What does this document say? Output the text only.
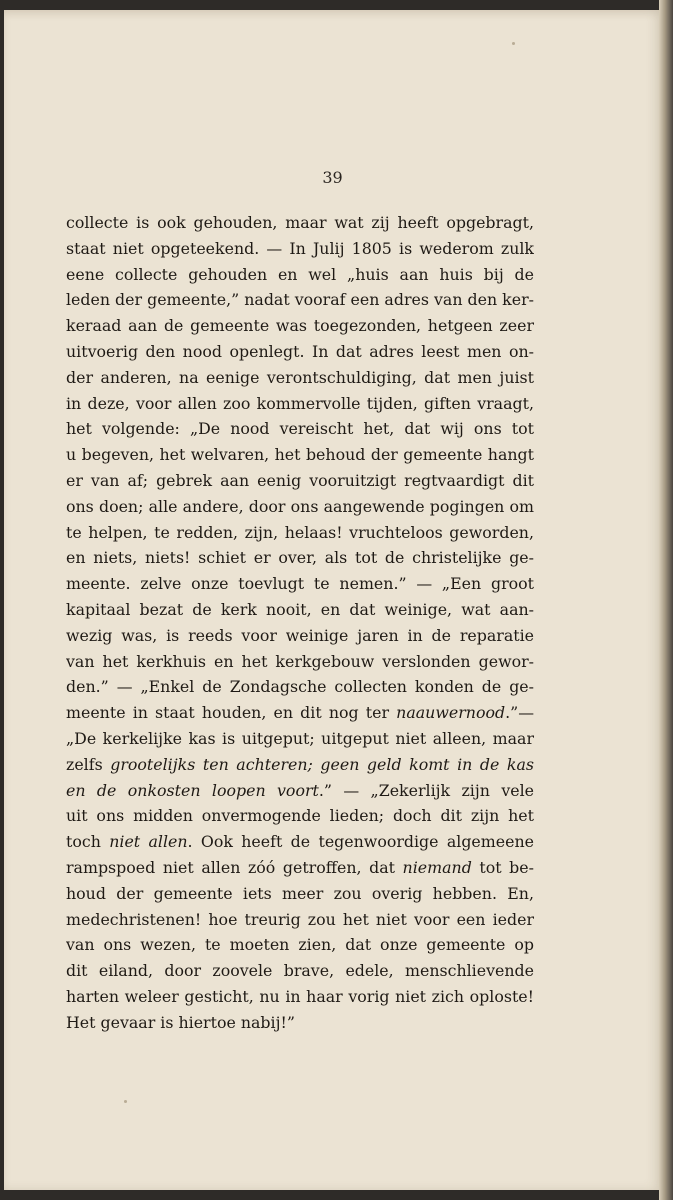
39
collecte is ook gehouden, maar wat zij heeft opgebragt,
staat niet opgeteekend. — In Julij 1805 is wederom zulk
eene collecte gehouden en wel „huis aan huis bij de
leden der gemeente,” nadat vooraf een adres van den ker-
keraad aan de gemeente was toegezonden, hetgeen zeer
uitvoerig den nood openlegt. In dat adres leest men on-
der anderen, na eenige verontschuldiging, dat men juist
in deze, voor allen zoo kommervolle tijden, giften vraagt,
het volgende: „De nood vereischt het, dat wij ons tot
u begeven, het welvaren, het behoud der gemeente hangt
er van af; gebrek aan eenig vooruitzigt regtvaardigt dit
ons doen; alle andere, door ons aangewende pogingen om
te helpen, te redden, zijn, helaas! vruchteloos geworden,
en niets, niets! schiet er over, als tot de christelijke ge-
meente. zelve onze toevlugt te nemen.” — „Een groot
kapitaal bezat de kerk nooit, en dat weinige, wat aan-
wezig was, is reeds voor weinige jaren in de reparatie
van het kerkhuis en het kerkgebouw verslonden gewor-
den.” — „Enkel de Zondagsche collecten konden de ge-
meente in staat houden, en dit nog ter naauwernood.”—
„De kerkelijke kas is uitgeput; uitgeput niet alleen, maar
zelfs grootelijks ten achteren; geen geld komt in de kas
en de onkosten loopen voort.” — „Zekerlijk zijn vele
uit ons midden onvermogende lieden; doch dit zijn het
toch niet allen. Ook heeft de tegenwoordige algemeene
rampspoed niet allen zóó getroffen, dat niemand tot be-
houd der gemeente iets meer zou overig hebben. En,
medechristenen! hoe treurig zou het niet voor een ieder
van ons wezen, te moeten zien, dat onze gemeente op
dit eiland, door zoovele brave, edele, menschlievende
harten weleer gesticht, nu in haar vorig niet zich oploste!
Het gevaar is hiertoe nabij!”
